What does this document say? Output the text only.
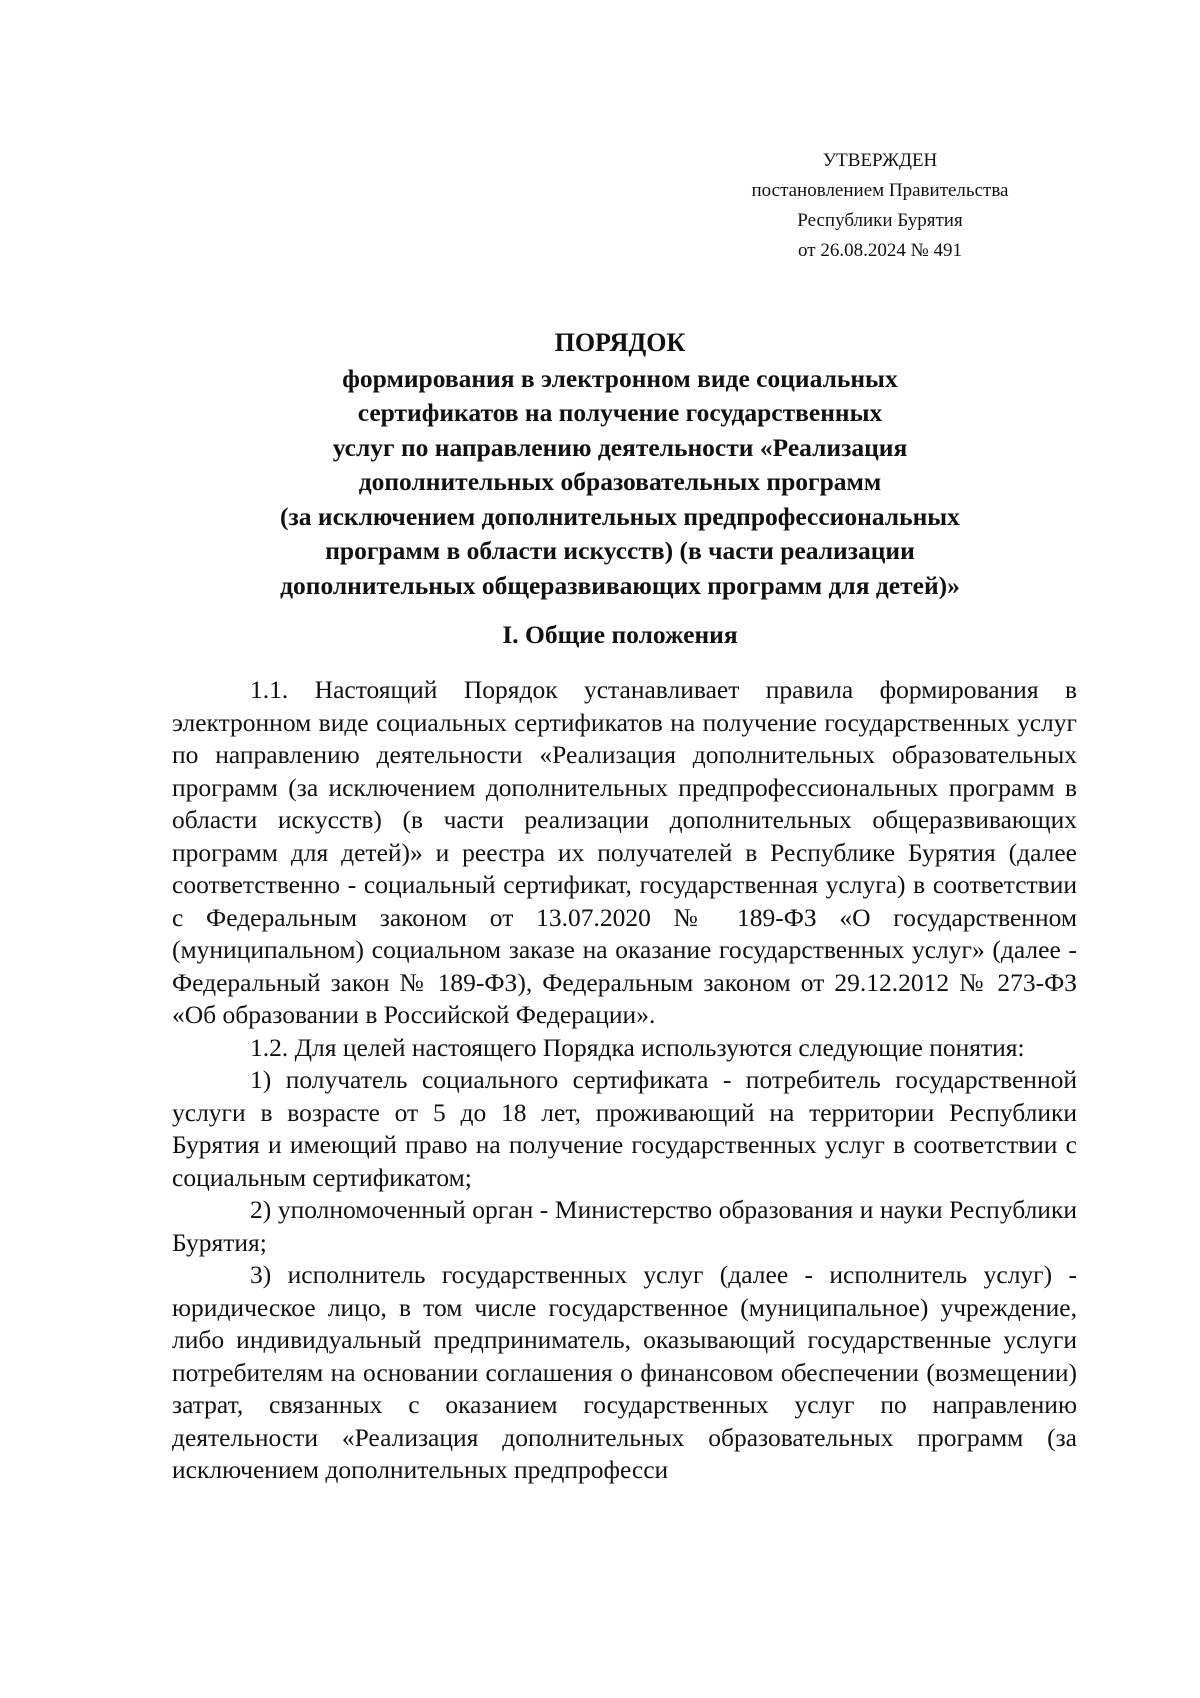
УТВЕРЖДЕН
постановлением Правительства
Республики Бурятия
от 26.08.2024 № 491
ПОРЯДОК
формирования в электронном виде социальных
сертификатов на получение государственных
услуг по направлению деятельности «Реализация
дополнительных образовательных программ
(за исключением дополнительных предпрофессиональных
программ в области искусств) (в части реализации
дополнительных общеразвивающих программ для детей)»
I. Общие положения

1.1. Настоящий Порядок устанавливает правила формирования в электронном виде социальных сертификатов на получение государственных услуг по направлению деятельности «Реализация дополнительных образовательных программ (за исключением дополнительных предпрофессиональных программ в области искусств) (в части реализации дополнительных общеразвивающих программ для детей)» и реестра их получателей в Республике Бурятия (далее соответственно - социальный сертификат, государственная услуга) в соответствии с Федеральным законом от 13.07.2020 № 189-ФЗ «О государственном (муниципальном) социальном заказе на оказание государственных услуг» (далее - Федеральный закон № 189-ФЗ), Федеральным законом от 29.12.2012 № 273-ФЗ «Об образовании в Российской Федерации».

1.2. Для целей настоящего Порядка используются следующие понятия:

1) получатель социального сертификата - потребитель государственной услуги в возрасте от 5 до 18 лет, проживающий на территории Республики Бурятия и имеющий право на получение государственных услуг в соответствии с социальным сертификатом;

2) уполномоченный орган - Министерство образования и науки Республики Бурятия;

3) исполнитель государственных услуг (далее - исполнитель услуг) - юридическое лицо, в том числе государственное (муниципальное) учреждение, либо индивидуальный предприниматель, оказывающий государственные услуги потребителям на основании соглашения о финансовом обеспечении (возмещении) затрат, связанных с оказанием государственных услуг по направлению деятельности «Реализация дополнительных образовательных программ (за исключением дополнительных предпрофесси
